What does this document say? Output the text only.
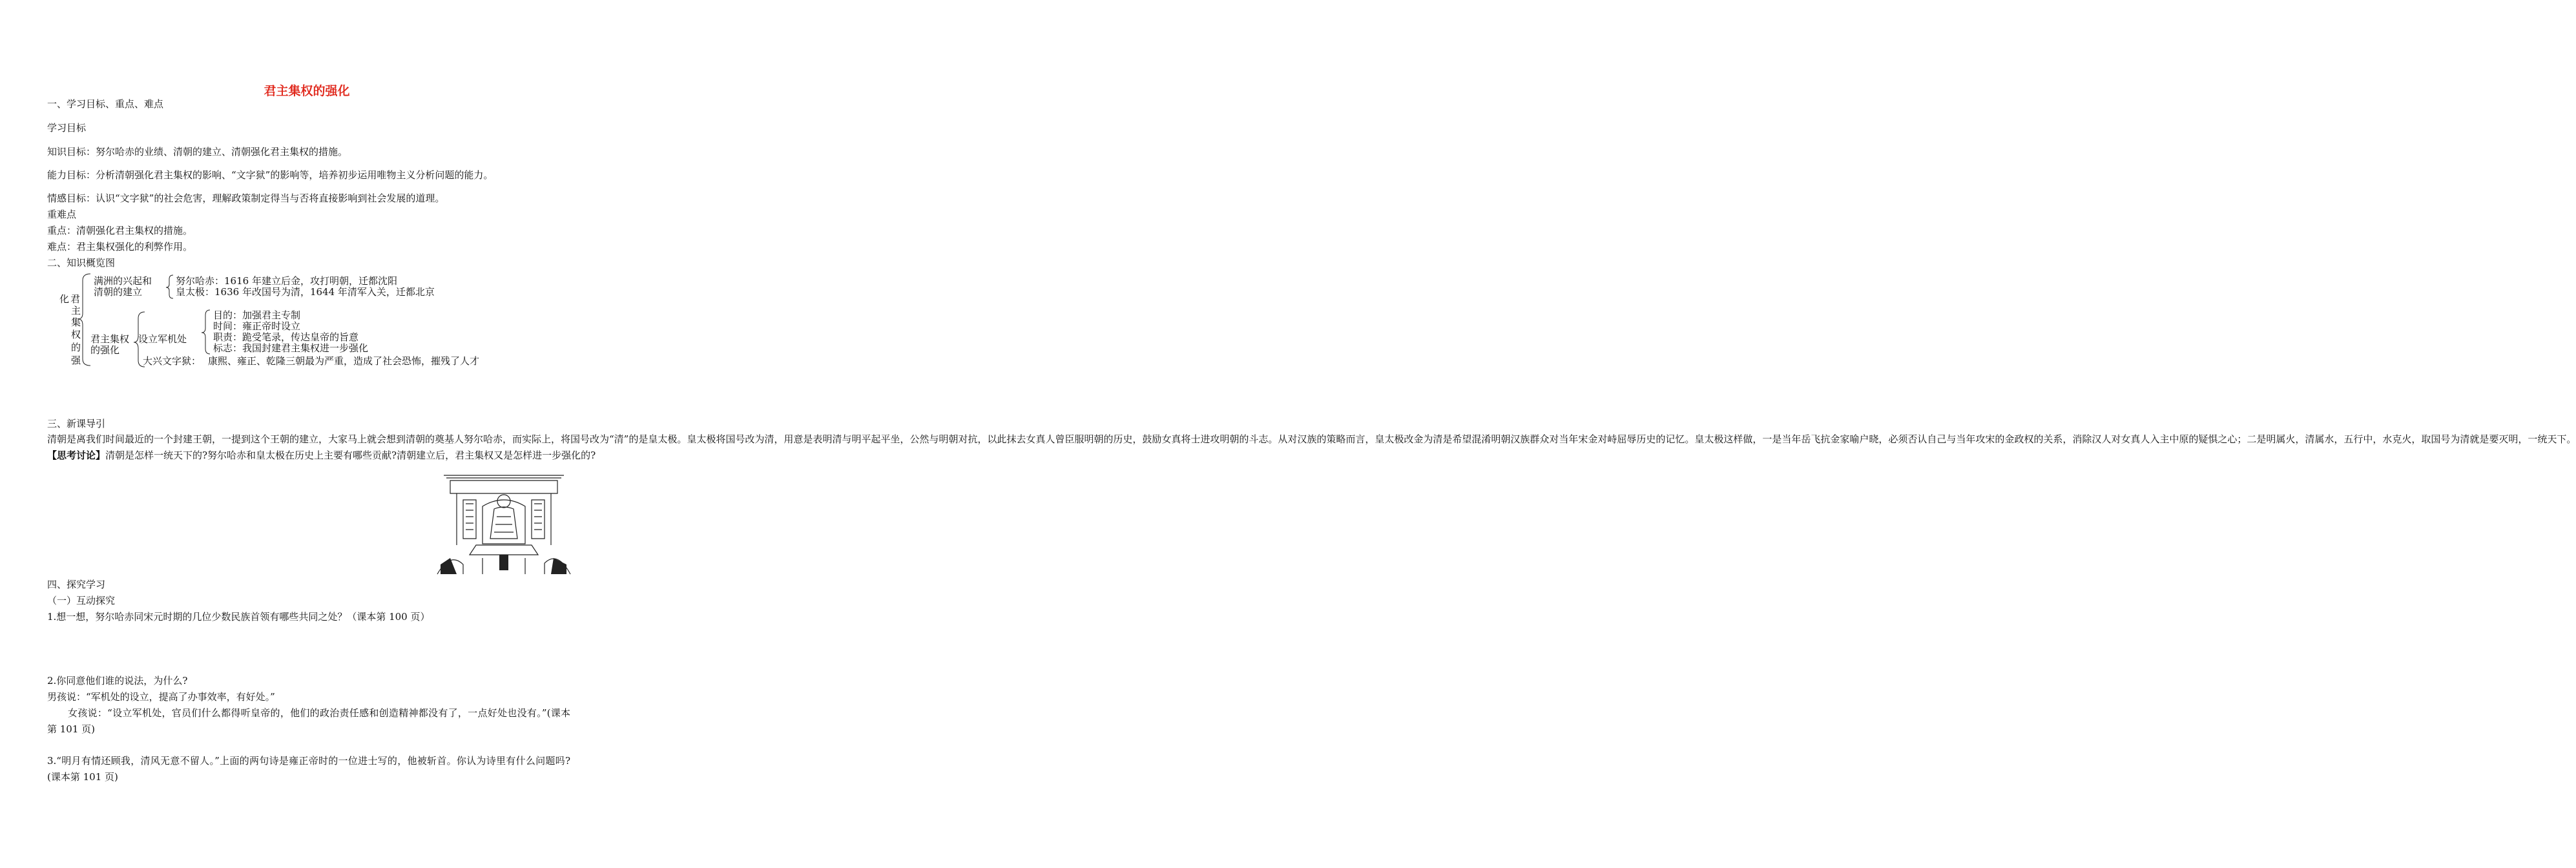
君主集权的强化
一、学习目标、重点、难点
学习目标
知识目标：努尔哈赤的业绩、清朝的建立、清朝强化君主集权的措施。
能力目标：分析清朝强化君主集权的影响、“文字狱”的影响等，培养初步运用唯物主义分析问题的能力。
情感目标：认识“文字狱”的社会危害，理解政策制定得当与否将直接影响到社会发展的道理。
重难点
重点：清朝强化君主集权的措施。
难点：君主集权强化的利弊作用。
二、知识概览图
化 君
主
集
权
的
强
满洲的兴起和
清朝的建立
努尔哈赤：1616 年建立后金，攻打明朝，迁都沈阳
皇太极：1636 年改国号为清，1644 年清军入关，迁都北京
君主集权
的强化
设立军机处
目的：加强君主专制
时间：雍正帝时设立
职责：跪受笔录，传达皇帝的旨意
标志：我国封建君主集权进一步强化
大兴文字狱： 康熙、雍正、乾隆三朝最为严重，造成了社会恐怖，摧残了人才
三、新课导引
清朝是离我们时间最近的一个封建王朝，一提到这个王朝的建立，大家马上就会想到清朝的奠基人努尔哈赤，而实际上，将国号改为“清”的是皇太极。皇太极将国号改为清，用意是表明清与明平起平坐，公然与明朝对抗，以此抹去女真人曾臣服明朝的历史，鼓励女真将士进攻明朝的斗志。从对汉族的策略而言，皇太极改金为清是希望混淆明朝汉族群众对当年宋金对峙屈辱历史的记忆。皇太极这样做，一是当年岳飞抗金家喻户晓，必须否认自己与当年攻宋的金政权的关系，消除汉人对女真人入主中原的疑惧之心；二是明属火，清属水，五行中，水克火，取国号为清就是要灭明，一统天下。
【思考讨论】清朝是怎样一统天下的?努尔哈赤和皇太极在历史上主要有哪些贡献?清朝建立后，君主集权又是怎样进一步强化的?
四、探究学习
（一）互动探究
1.想一想，努尔哈赤同宋元时期的几位少数民族首领有哪些共同之处？（课本第 100 页）
2.你同意他们谁的说法，为什么?
男孩说：“军机处的设立，提高了办事效率，有好处。”
女孩说：“设立军机处，官员们什么都得听皇帝的，他们的政治责任感和创造精神都没有了，一点好处也没有。”(课本第 101 页)
3.“明月有情还顾我，清风无意不留人。”上面的两句诗是雍正帝时的一位进士写的，他被斩首。你认为诗里有什么问题吗?(课本第 101 页)
